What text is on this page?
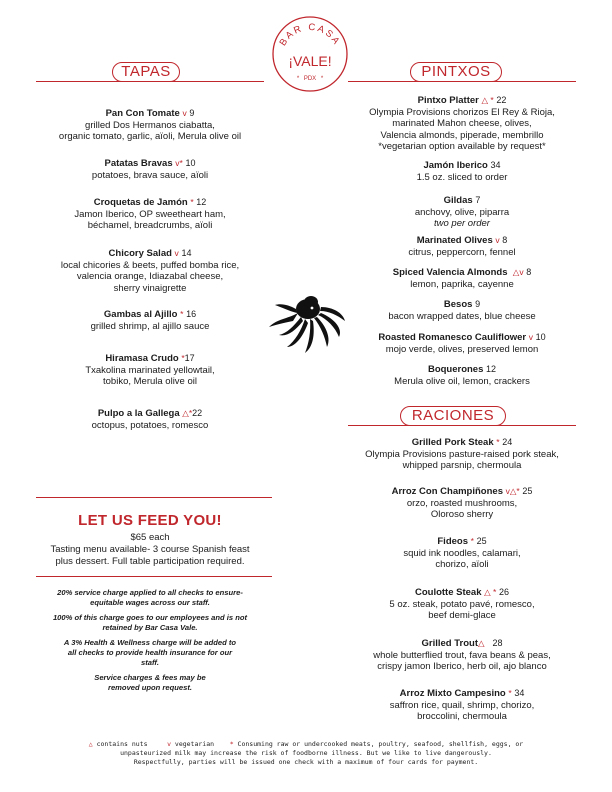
BAR CASA
¡VALE!
* PDX *
TAPAS	PINTXOS
Pan Con Tomate v 9
grilled Dos Hermanos ciabatta,
organic tomato, garlic, aïoli, Merula olive oil
Patatas Bravas v* 10
potatoes, brava sauce, aïoli
Croquetas de Jamón * 12
Jamon Iberico, OP sweetheart ham,
béchamel, breadcrumbs, aïoli
Chicory Salad v 14
local chicories & beets, puffed bomba rice,
valencia orange, Idiazabal cheese,
sherry vinaigrette
Gambas al Ajillo * 16
grilled shrimp, al ajillo sauce
Hiramasa Crudo *17
Txakolina marinated yellowtail,
tobiko, Merula olive oil
Pulpo a la Gallega △*22
octopus, potatoes, romesco
Pintxo Platter △ * 22
Olympia Provisions chorizos El Rey & Rioja,
marinated Mahon cheese, olives,
Valencia almonds, piperade, membrillo
*vegetarian option available by request*
Jamón Iberico 34
1.5 oz. sliced to order
Gildas 7
anchovy, olive, piparra
two per order
Marinated Olives v 8
citrus, peppercorn, fennel
Spiced Valencia Almonds △v 8
lemon, paprika, cayenne
Besos 9
bacon wrapped dates, blue cheese
Roasted Romanesco Cauliflower v 10
mojo verde, olives, preserved lemon
Boquerones 12
Merula olive oil, lemon, crackers
RACIONES
Grilled Pork Steak * 24
Olympia Provisions pasture-raised pork steak,
whipped parsnip, chermoula
Arroz Con Champiñones v△* 25
orzo, roasted mushrooms,
Oloroso sherry
Fideos * 25
squid ink noodles, calamari,
chorizo, aïoli
Coulotte Steak △ * 26
5 oz. steak, potato pavé, romesco,
beef demi-glace
Grilled Trout△ 28
whole butterflied trout, fava beans & peas,
crispy jamon Iberico, herb oil, ajo blanco
Arroz Mixto Campesino * 34
saffron rice, quail, shrimp, chorizo,
broccolini, chermoula
LET US FEED YOU!
$65 each
Tasting menu available- 3 course Spanish feast
plus dessert. Full table participation required.

20% service charge applied to all checks to ensure-
equitable wages across our staff.

100% of this charge goes to our employees and is not
retained by Bar Casa Vale.

A 3% Health & Wellness charge will be added to
all checks to provide health insurance for our
staff.

Service charges & fees may be
removed upon request.

△ contains nuts	v vegetarian * Consuming raw or undercooked meats, poultry, seafood, shellfish, eggs, or
unpasteurized milk may increase the risk of foodborne illness. But we like to live dangerously.
Respectfully, parties will be issued one check with a maximum of four cards for payment.
